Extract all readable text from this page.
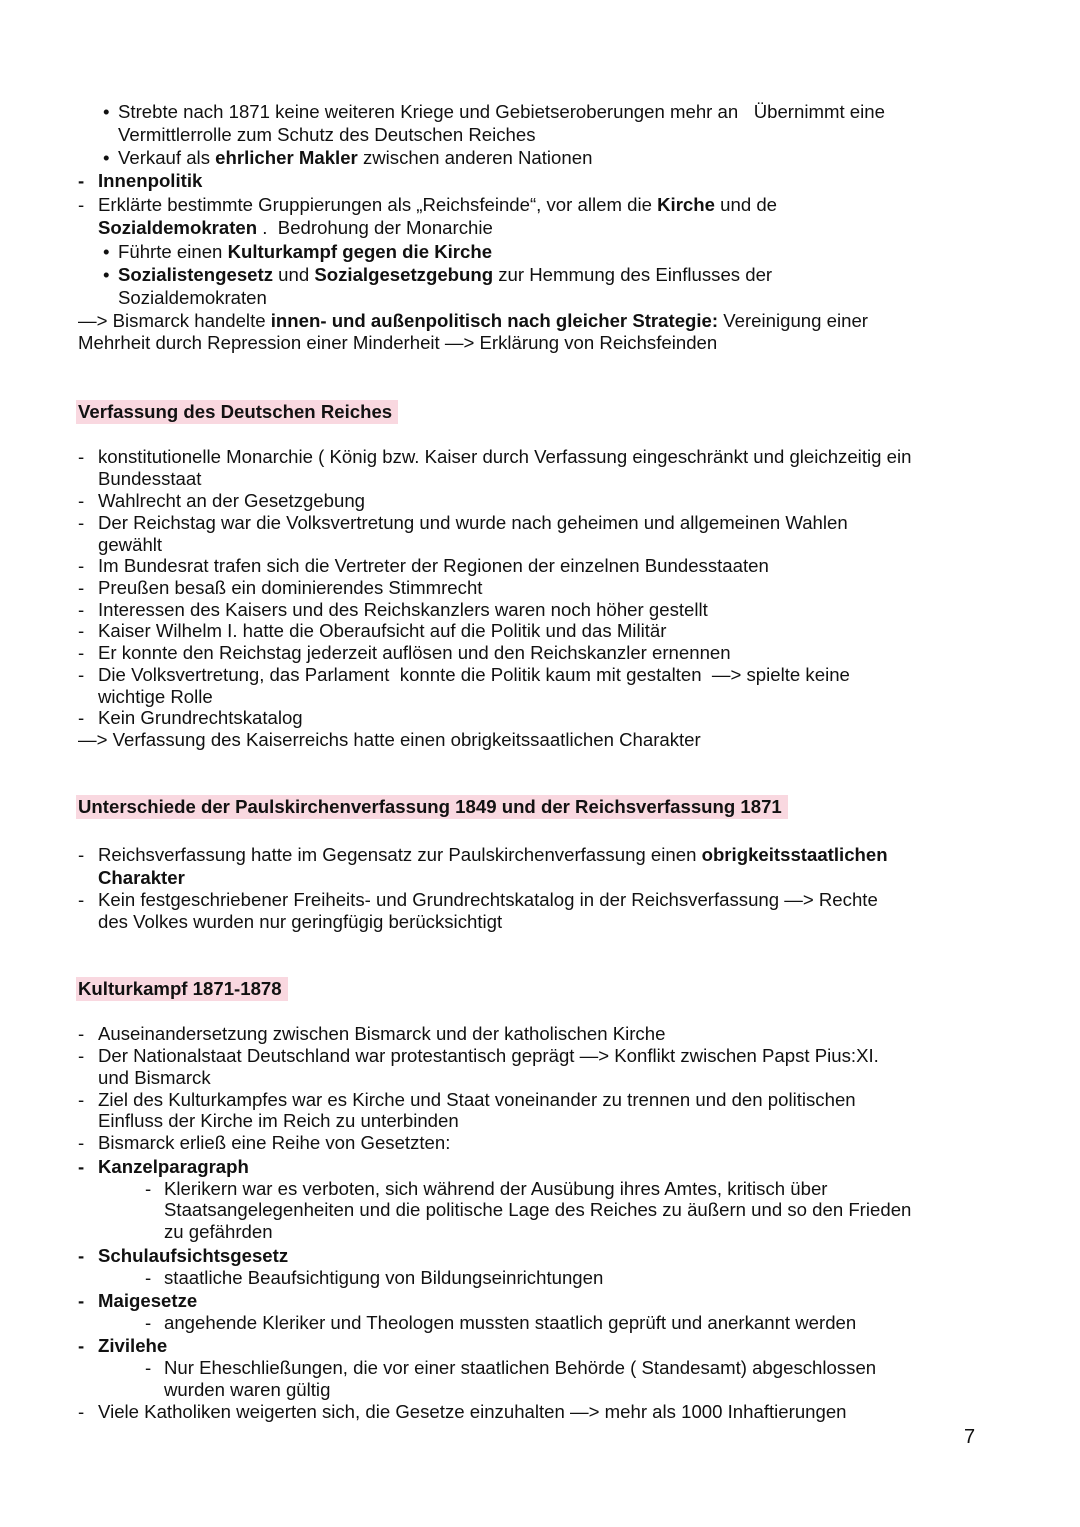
Verfassung des Deutschen Reiches
Unterschiede der Paulskirchenverfassung 1849 und der Reichsverfassung 1871
Kulturkampf 1871-1878
7
• Strebte nach 1871 keine weiteren Kriege und Gebietseroberungen mehr an   Übernimmt eine
Vermittlerrolle zum Schutz des Deutschen Reiches
• Verkauf als ehrlicher Makler zwischen anderen Nationen
- Innenpolitik
- Erklärte bestimmte Gruppierungen als „Reichsfeinde“, vor allem die Kirche und de
Sozialdemokraten .  Bedrohung der Monarchie
• Führte einen Kulturkampf gegen die Kirche
• Sozialistengesetz und Sozialgesetzgebung zur Hemmung des Einflusses der
Sozialdemokraten
—> Bismarck handelte innen- und außenpolitisch nach gleicher Strategie: Vereinigung einer
Mehrheit durch Repression einer Minderheit —> Erklärung von Reichsfeinden
- konstitutionelle Monarchie ( König bzw. Kaiser durch Verfassung eingeschränkt und gleichzeitig ein
Bundesstaat
- Wahlrecht an der Gesetzgebung
- Der Reichstag war die Volksvertretung und wurde nach geheimen und allgemeinen Wahlen
gewählt
- Im Bundesrat trafen sich die Vertreter der Regionen der einzelnen Bundesstaaten
- Preußen besaß ein dominierendes Stimmrecht
- Interessen des Kaisers und des Reichskanzlers waren noch höher gestellt
- Kaiser Wilhelm I. hatte die Oberaufsicht auf die Politik und das Militär
- Er konnte den Reichstag jederzeit auflösen und den Reichskanzler ernennen
- Die Volksvertretung, das Parlament  konnte die Politik kaum mit gestalten  —> spielte keine
wichtige Rolle
- Kein Grundrechtskatalog
—> Verfassung des Kaiserreichs hatte einen obrigkeitssaatlichen Charakter
- Reichsverfassung hatte im Gegensatz zur Paulskirchenverfassung einen obrigkeitsstaatlichen
Charakter
- Kein festgeschriebener Freiheits- und Grundrechtskatalog in der Reichsverfassung —> Rechte
des Volkes wurden nur geringfügig berücksichtigt
- Auseinandersetzung zwischen Bismarck und der katholischen Kirche
- Der Nationalstaat Deutschland war protestantisch geprägt —> Konflikt zwischen Papst Pius:XI.
und Bismarck
- Ziel des Kulturkampfes war es Kirche und Staat voneinander zu trennen und den politischen
Einfluss der Kirche im Reich zu unterbinden
- Bismarck erließ eine Reihe von Gesetzten:
- Kanzelparagraph
- Klerikern war es verboten, sich während der Ausübung ihres Amtes, kritisch über
Staatsangelegenheiten und die politische Lage des Reiches zu äußern und so den Frieden
zu gefährden
- Schulaufsichtsgesetz
- staatliche Beaufsichtigung von Bildungseinrichtungen
- Maigesetze
- angehende Kleriker und Theologen mussten staatlich geprüft und anerkannt werden
- Zivilehe
- Nur Eheschließungen, die vor einer staatlichen Behörde ( Standesamt) abgeschlossen
wurden waren gültig
- Viele Katholiken weigerten sich, die Gesetze einzuhalten —> mehr als 1000 Inhaftierungen
